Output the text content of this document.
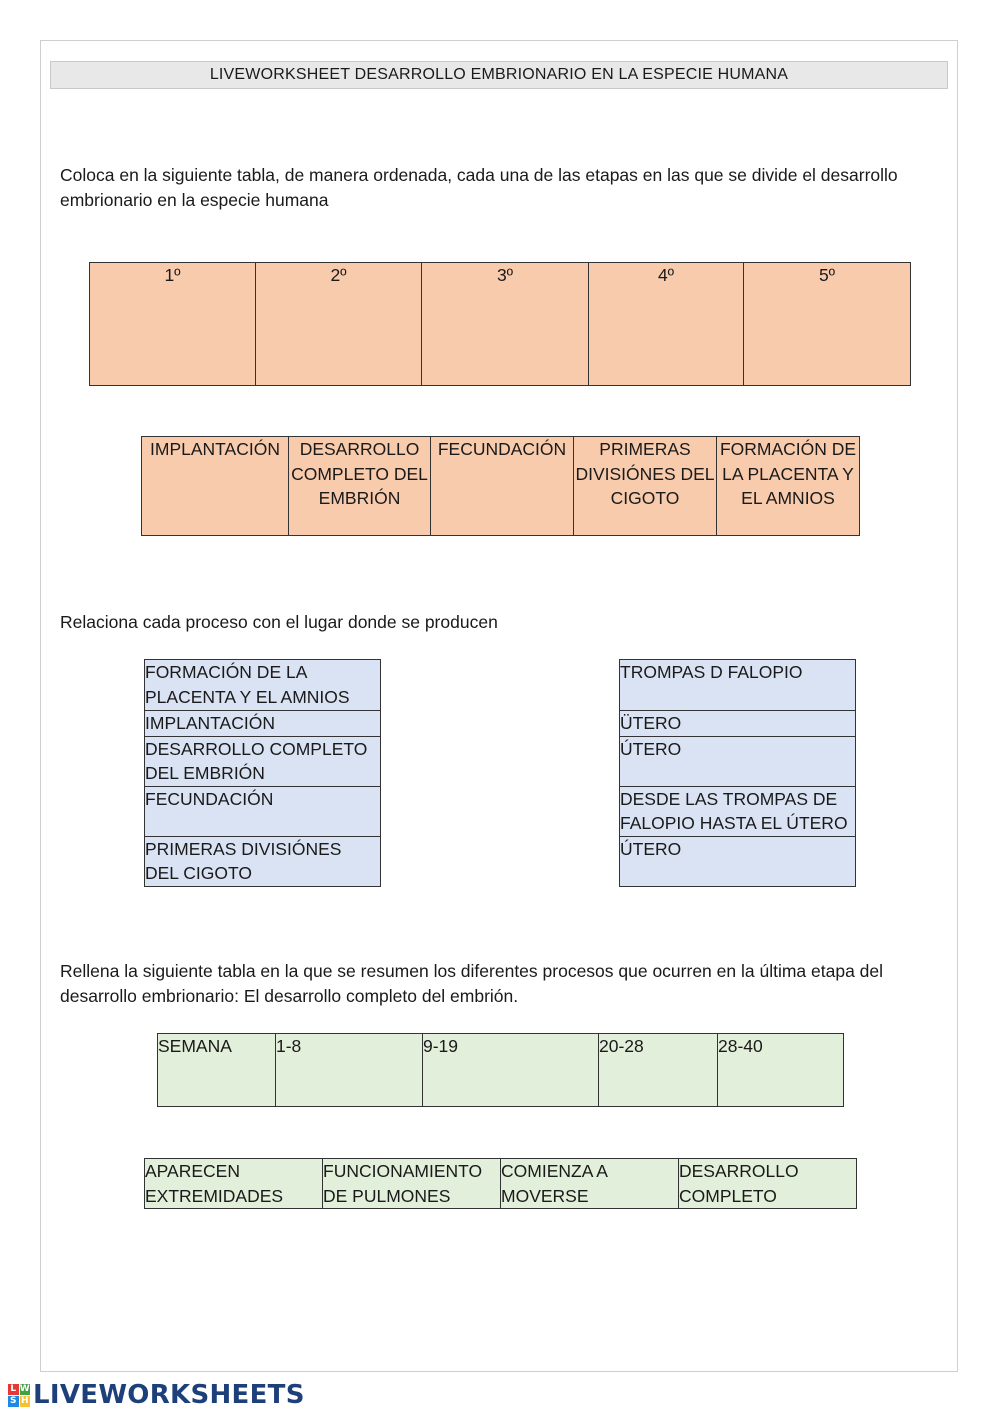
LIVEWORKSHEET DESARROLLO EMBRIONARIO EN LA ESPECIE HUMANA
Coloca en la siguiente tabla, de manera ordenada, cada una de las etapas en las que se divide el desarrollo embrionario en la especie humana
1º	2º	3º	4º	5º
IMPLANTACIÓN	DESARROLLO COMPLETO DEL EMBRIÓN	FECUNDACIÓN	PRIMERAS DIVISIÓNES DEL CIGOTO	FORMACIÓN DE LA PLACENTA Y EL AMNIOS
Relaciona cada proceso con el lugar donde se producen
FORMACIÓN DE LA PLACENTA Y EL AMNIOS
IMPLANTACIÓN
DESARROLLO COMPLETO DEL EMBRIÓN
FECUNDACIÓN
PRIMERAS DIVISIÓNES DEL CIGOTO
TROMPAS D FALOPIO
ÜTERO
ÚTERO
DESDE LAS TROMPAS DE FALOPIO HASTA EL ÚTERO
ÚTERO
Rellena la siguiente tabla en la que se resumen los diferentes procesos que ocurren en la última etapa del desarrollo embrionario: El desarrollo completo del embrión.
SEMANA	1-8	9-19	20-28	28-40
APARECEN EXTREMIDADES	FUNCIONAMIENTO DE PULMONES	COMIENZA A MOVERSE	DESARROLLO COMPLETO
L W
S H LIVEWORKSHEETS
